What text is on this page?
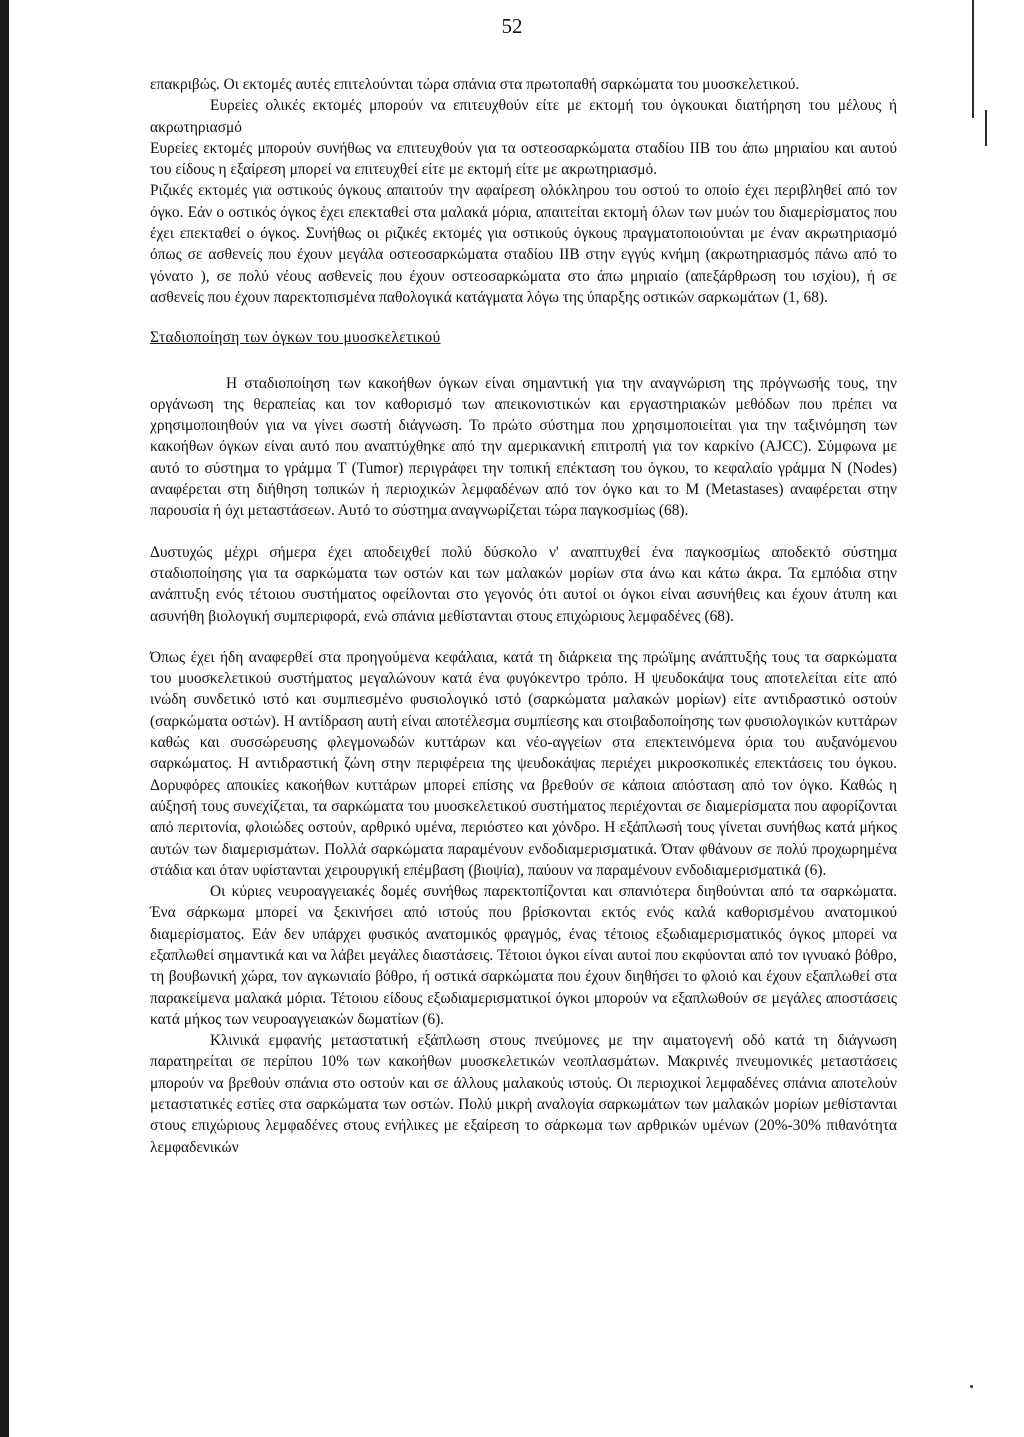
52

επακριβώς. Οι εκτομές αυτές επιτελούνται τώρα σπάνια στα πρωτοπαθή σαρκώματα του μυοσκελετικού.

Ευρείες ολικές εκτομές μπορούν να επιτευχθούν είτε με εκτομή του όγκουκαι διατήρηση του μέλους ή ακρωτηριασμό

Ευρείες εκτομές μπορούν συνήθως να επιτευχθούν για τα οστεοσαρκώματα σταδίου IIB του άπω μηριαίου και αυτού του είδους η εξαίρεση μπορεί να επιτευχθεί είτε με εκτομή είτε με ακρωτηριασμό.

Ριζικές εκτομές για οστικούς όγκους απαιτούν την αφαίρεση ολόκληρου του οστού το οποίο έχει περιβληθεί από τον όγκο. Εάν ο οστικός όγκος έχει επεκταθεί στα μαλακά μόρια, απαιτείται εκτομή όλων των μυών του διαμερίσματος που έχει επεκταθεί ο όγκος. Συνήθως οι ριζικές εκτομές για οστικούς όγκους πραγματοποιούνται με έναν ακρωτηριασμό όπως σε ασθενείς που έχουν μεγάλα οστεοσαρκώματα σταδίου IIB στην εγγύς κνήμη (ακρωτηριασμός πάνω από το γόνατο ), σε πολύ νέους ασθενείς που έχουν οστεοσαρκώματα στο άπω μηριαίο (απεξάρθρωση του ισχίου), ή σε ασθενείς που έχουν παρεκτοπισμένα παθολογικά κατάγματα λόγω της ύπαρξης οστικών σαρκωμάτων (1, 68).

Σταδιοποίηση των όγκων του μυοσκελετικού

Η σταδιοποίηση των κακοήθων όγκων είναι σημαντική για την αναγνώριση της πρόγνωσής τους, την οργάνωση της θεραπείας και τον καθορισμό των απεικονιστικών και εργαστηριακών μεθόδων που πρέπει να χρησιμοποιηθούν για να γίνει σωστή διάγνωση. Το πρώτο σύστημα που χρησιμοποιείται για την ταξινόμηση των κακοήθων όγκων είναι αυτό που αναπτύχθηκε από την αμερικανική επιτροπή για τον καρκίνο (AJCC). Σύμφωνα με αυτό το σύστημα το γράμμα T (Tumor) περιγράφει την τοπική επέκταση του όγκου, το κεφαλαίο γράμμα N (Nodes) αναφέρεται στη διήθηση τοπικών ή περιοχικών λεμφαδένων από τον όγκο και το M (Metastases) αναφέρεται στην παρουσία ή όχι μεταστάσεων. Αυτό το σύστημα αναγνωρίζεται τώρα παγκοσμίως (68).

Δυστυχώς μέχρι σήμερα έχει αποδειχθεί πολύ δύσκολο ν' αναπτυχθεί ένα παγκοσμίως αποδεκτό σύστημα σταδιοποίησης για τα σαρκώματα των οστών και των μαλακών μορίων στα άνω και κάτω άκρα. Τα εμπόδια στην ανάπτυξη ενός τέτοιου συστήματος οφείλονται στο γεγονός ότι αυτοί οι όγκοι είναι ασυνήθεις και έχουν άτυπη και ασυνήθη βιολογική συμπεριφορά, ενώ σπάνια μεθίστανται στους επιχώριους λεμφαδένες (68).

Όπως έχει ήδη αναφερθεί στα προηγούμενα κεφάλαια, κατά τη διάρκεια της πρώϊμης ανάπτυξής τους τα σαρκώματα του μυοσκελετικού συστήματος μεγαλώνουν κατά ένα φυγόκεντρο τρόπο. Η ψευδοκάψα τους αποτελείται είτε από ινώδη συνδετικό ιστό και συμπιεσμένο φυσιολογικό ιστό (σαρκώματα μαλακών μορίων) είτε αντιδραστικό οστούν (σαρκώματα οστών). Η αντίδραση αυτή είναι αποτέλεσμα συμπίεσης και στοιβαδοποίησης των φυσιολογικών κυττάρων καθώς και συσσώρευσης φλεγμονωδών κυττάρων και νέο-αγγείων στα επεκτεινόμενα όρια του αυξανόμενου σαρκώματος. Η αντιδραστική ζώνη στην περιφέρεια της ψευδοκάψας περιέχει μικροσκοπικές επεκτάσεις του όγκου. Δορυφόρες αποικίες κακοήθων κυττάρων μπορεί επίσης να βρεθούν σε κάποια απόσταση από τον όγκο. Καθώς η αύξησή τους συνεχίζεται, τα σαρκώματα του μυοσκελετικού συστήματος περιέχονται σε διαμερίσματα που αφορίζονται από περιτονία, φλοιώδες οστούν, αρθρικό υμένα, περιόστεο και χόνδρο. Η εξάπλωσή τους γίνεται συνήθως κατά μήκος αυτών των διαμερισμάτων. Πολλά σαρκώματα παραμένουν ενδοδιαμερισματικά. Όταν φθάνουν σε πολύ προχωρημένα στάδια και όταν υφίστανται χειρουργική επέμβαση (βιοψία), παύουν να παραμένουν ενδοδιαμερισματικά (6).

Οι κύριες νευροαγγειακές δομές συνήθως παρεκτοπίζονται και σπανιότερα διηθούνται από τα σαρκώματα. Ένα σάρκωμα μπορεί να ξεκινήσει από ιστούς που βρίσκονται εκτός ενός καλά καθορισμένου ανατομικού διαμερίσματος. Εάν δεν υπάρχει φυσικός ανατομικός φραγμός, ένας τέτοιος εξωδιαμερισματικός όγκος μπορεί να εξαπλωθεί σημαντικά και να λάβει μεγάλες διαστάσεις. Τέτοιοι όγκοι είναι αυτοί που εκφύονται από τον ιγνυακό βόθρο, τη βουβωνική χώρα, τον αγκωνιαίο βόθρο, ή οστικά σαρκώματα που έχουν διηθήσει το φλοιό και έχουν εξαπλωθεί στα παρακείμενα μαλακά μόρια. Τέτοιου είδους εξωδιαμερισματικοί όγκοι μπορούν να εξαπλωθούν σε μεγάλες αποστάσεις κατά μήκος των νευροαγγειακών δωματίων (6).

Κλινικά εμφανής μεταστατική εξάπλωση στους πνεύμονες με την αιματογενή οδό κατά τη διάγνωση παρατηρείται σε περίπου 10% των κακοήθων μυοσκελετικών νεοπλασμάτων. Μακρινές πνευμονικές μεταστάσεις μπορούν να βρεθούν σπάνια στο οστούν και σε άλλους μαλακούς ιστούς. Οι περιοχικοί λεμφαδένες σπάνια αποτελούν μεταστατικές εστίες στα σαρκώματα των οστών. Πολύ μικρή αναλογία σαρκωμάτων των μαλακών μορίων μεθίστανται στους επιχώριους λεμφαδένες στους ενήλικες με εξαίρεση το σάρκωμα των αρθρικών υμένων (20%-30% πιθανότητα λεμφαδενικών
